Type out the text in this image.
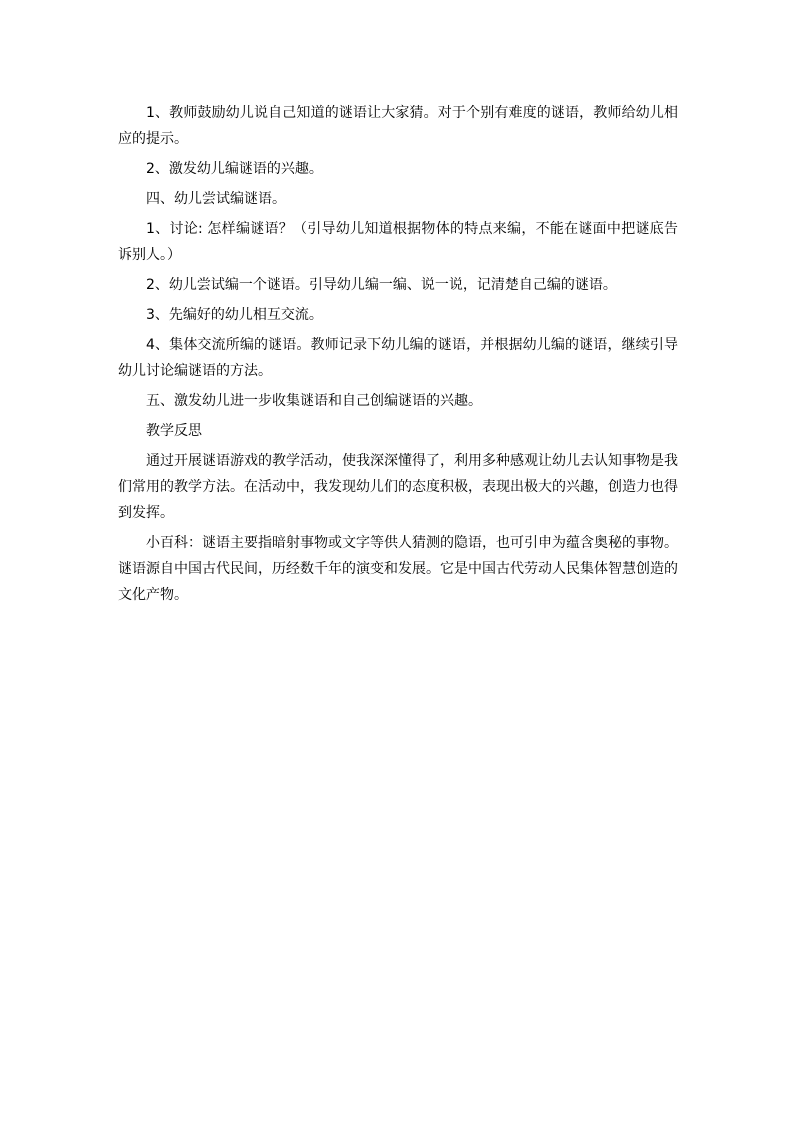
1、教师鼓励幼儿说自己知道的谜语让大家猜。对于个别有难度的谜语，教师给幼儿相应的提示。

2、激发幼儿编谜语的兴趣。

四、幼儿尝试编谜语。

1、讨论: 怎样编谜语？（引导幼儿知道根据物体的特点来编，不能在谜面中把谜底告诉别人。）

2、幼儿尝试编一个谜语。引导幼儿编一编、说一说，记清楚自己编的谜语。

3、先编好的幼儿相互交流。

4、集体交流所编的谜语。教师记录下幼儿编的谜语，并根据幼儿编的谜语，继续引导幼儿讨论编谜语的方法。

五、激发幼儿进一步收集谜语和自己创编谜语的兴趣。

教学反思

通过开展谜语游戏的教学活动，使我深深懂得了，利用多种感观让幼儿去认知事物是我们常用的教学方法。在活动中，我发现幼儿们的态度积极，表现出极大的兴趣，创造力也得到发挥。

小百科：谜语主要指暗射事物或文字等供人猜测的隐语，也可引申为蕴含奥秘的事物。谜语源自中国古代民间，历经数千年的演变和发展。它是中国古代劳动人民集体智慧创造的文化产物。
